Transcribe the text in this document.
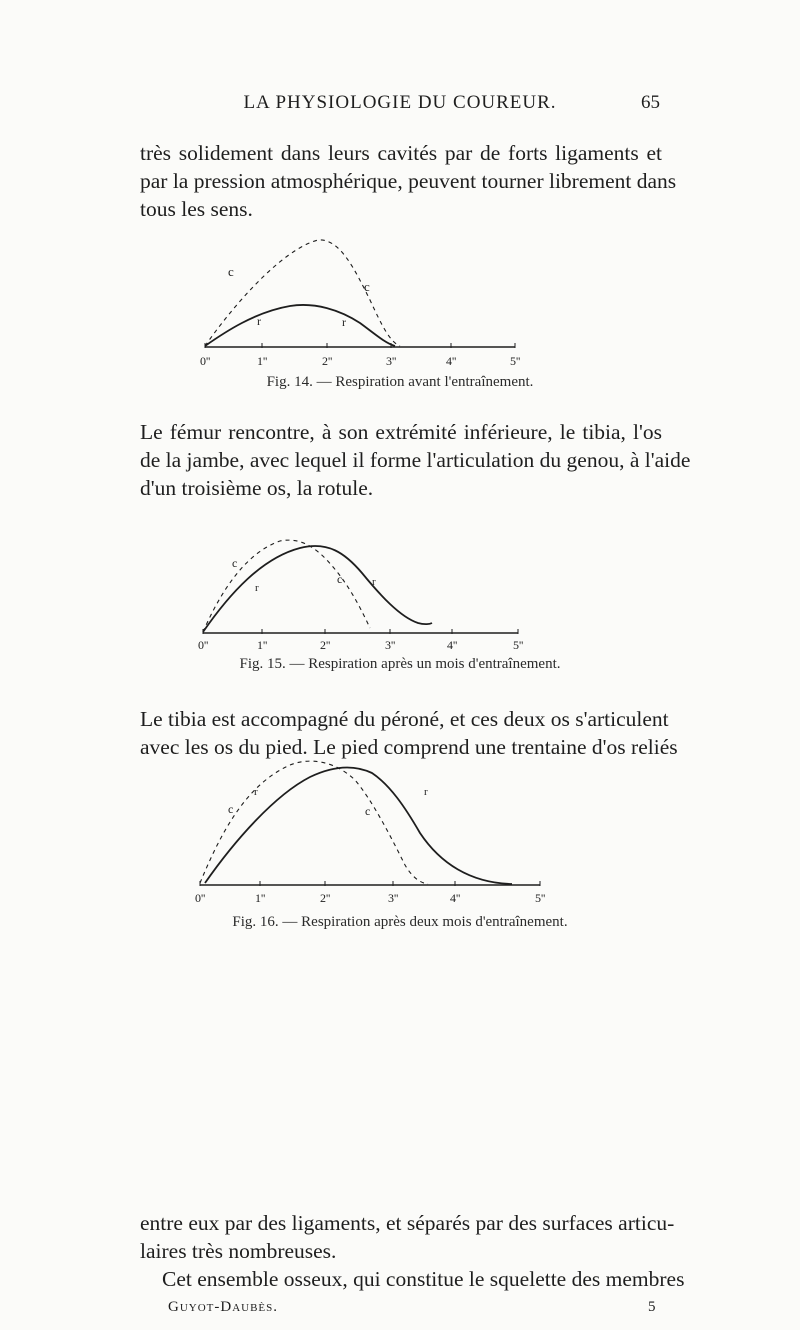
LA PHYSIOLOGIE DU COUREUR.	65

très solidement dans leurs cavités par de forts ligaments et
par la pression atmosphérique, peuvent tourner librement dans
tous les sens.

c
c
r	r
0''	1''	2''	3''	4''	5''
Fig. 14. — Respiration avant l'entraînement.

Le fémur rencontre, à son extrémité inférieure, le tibia, l'os
de la jambe, avec lequel il forme l'articulation du genou, à l'aide
d'un troisième os, la rotule.

c
c
r	r
0''	1''	2''	3''	4''	5''
Fig. 15. — Respiration après un mois d'entraînement.

Le tibia est accompagné du péroné, et ces deux os s'articulent
avec les os du pied. Le pied comprend une trentaine d'os reliés

c	c
r	r
0''	1''	2''	3''	4''	5''
Fig. 16. — Respiration après deux mois d'entraînement.

entre eux par des ligaments, et séparés par des surfaces articu-
laires très nombreuses.
Cet ensemble osseux, qui constitue le squelette des membres

Guyot-Daubès.	5
